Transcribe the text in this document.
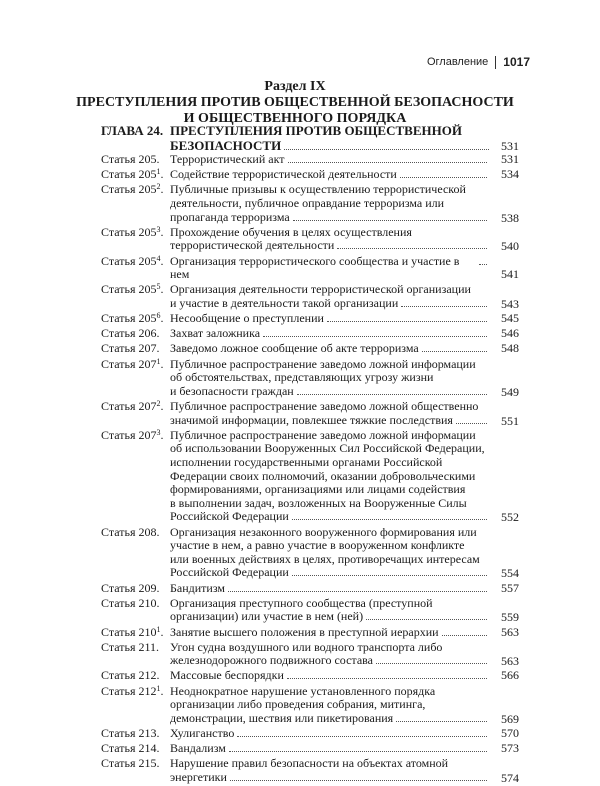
Оглавление 1017
Раздел IX
ПРЕСТУПЛЕНИЯ ПРОТИВ ОБЩЕСТВЕННОЙ БЕЗОПАСНОСТИ
И ОБЩЕСТВЕННОГО ПОРЯДКА
ГЛАВА 24. ПРЕСТУПЛЕНИЯ ПРОТИВ ОБЩЕСТВЕННОЙ
БЕЗОПАСНОСТИ	531
Статья 205. Террористический акт	531
Статья $205^1$. Содействие террористической деятельности	534
Статья $205^2$. Публичные призывы к осуществлению террористической
деятельности, публичное оправдание терроризма или
пропаганда терроризма	538
Статья $205^3$. Прохождение обучения в целях осуществления
террористической деятельности	540
Статья $205^4$. Организация террористического сообщества и участие в нем	541
Статья $205^5$. Организация деятельности террористической организации
и участие в деятельности такой организации	543
Статья $205^6$. Несообщение о преступлении	545
Статья 206. Захват заложника	546
Статья 207. Заведомо ложное сообщение об акте терроризма	548
Статья $207^1$. Публичное распространение заведомо ложной информации
об обстоятельствах, представляющих угрозу жизни
и безопасности граждан	549
Статья $207^2$. Публичное распространение заведомо ложной общественно
значимой информации, повлекшее тяжкие последствия	551
Статья $207^3$. Публичное распространение заведомо ложной информации
об использовании Вооруженных Сил Российской Федерации,
исполнении государственными органами Российской
Федерации своих полномочий, оказании добровольческими
формированиями, организациями или лицами содействия
в выполнении задач, возложенных на Вооруженные Силы
Российской Федерации	552
Статья 208. Организация незаконного вооруженного формирования или
участие в нем, а равно участие в вооруженном конфликте
или военных действиях в целях, противоречащих интересам
Российской Федерации	554
Статья 209. Бандитизм	557
Статья 210. Организация преступного сообщества (преступной
организации) или участие в нем (ней)	559
Статья $210^1$. Занятие высшего положения в преступной иерархии	563
Статья 211. Угон судна воздушного или водного транспорта либо
железнодорожного подвижного состава	563
Статья 212. Массовые беспорядки	566
Статья $212^1$. Неоднократное нарушение установленного порядка
организации либо проведения собрания, митинга,
демонстрации, шествия или пикетирования	569
Статья 213. Хулиганство	570
Статья 214. Вандализм	573
Статья 215. Нарушение правил безопасности на объектах атомной
энергетики	574
